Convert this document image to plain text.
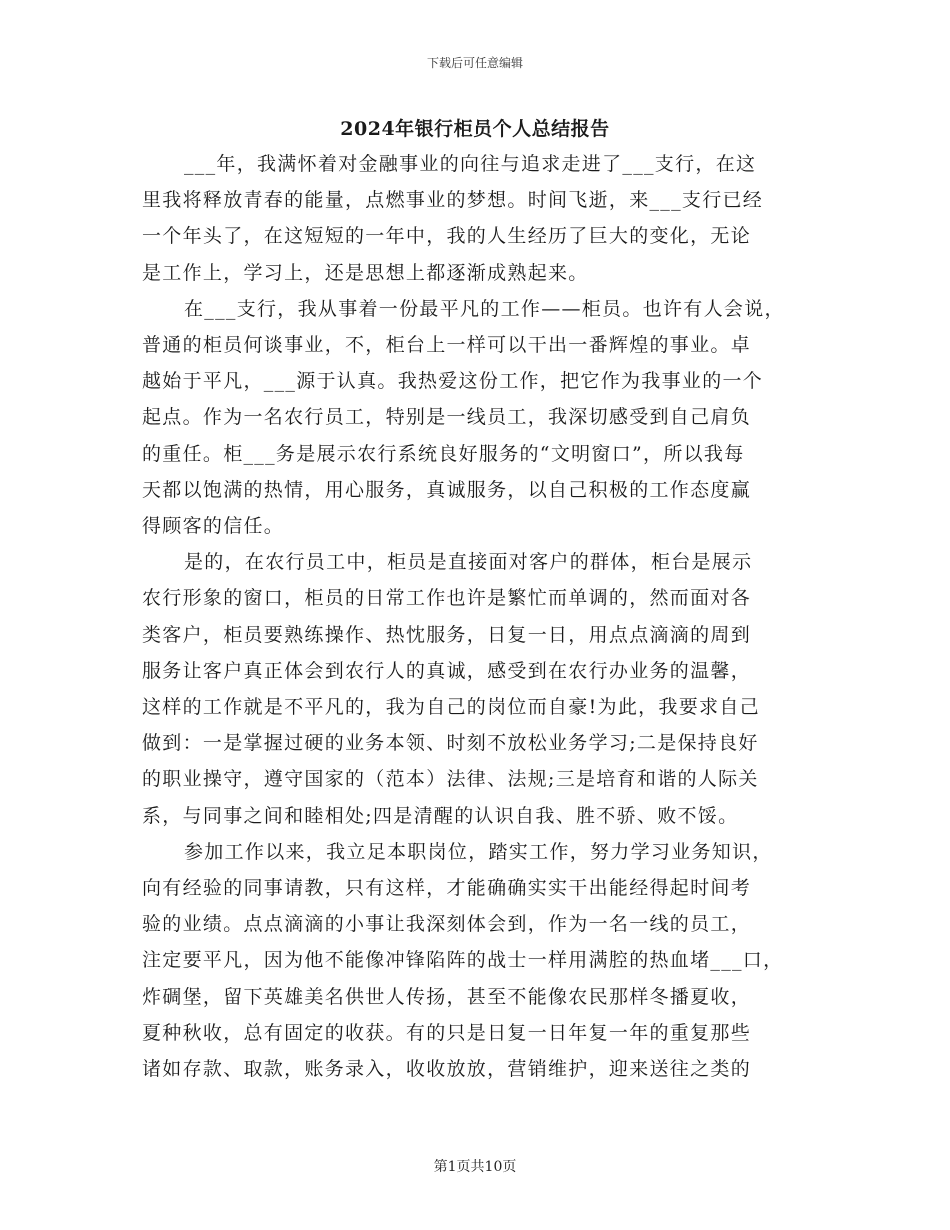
下载后可任意编辑
2024年银行柜员个人总结报告
___年，我满怀着对金融事业的向往与追求走进了___支行，在这
里我将释放青春的能量，点燃事业的梦想。时间飞逝，来___支行已经
一个年头了，在这短短的一年中，我的人生经历了巨大的变化，无论
是工作上，学习上，还是思想上都逐渐成熟起来。
在___支行，我从事着一份最平凡的工作——柜员。也许有人会说，
普通的柜员何谈事业，不，柜台上一样可以干出一番辉煌的事业。卓
越始于平凡，___源于认真。我热爱这份工作，把它作为我事业的一个
起点。作为一名农行员工，特别是一线员工，我深切感受到自己肩负
的重任。柜___务是展示农行系统良好服务的“文明窗口”，所以我每
天都以饱满的热情，用心服务，真诚服务，以自己积极的工作态度赢
得顾客的信任。
是的，在农行员工中，柜员是直接面对客户的群体，柜台是展示
农行形象的窗口，柜员的日常工作也许是繁忙而单调的，然而面对各
类客户，柜员要熟练操作、热忱服务，日复一日，用点点滴滴的周到
服务让客户真正体会到农行人的真诚，感受到在农行办业务的温馨，
这样的工作就是不平凡的，我为自己的岗位而自豪!为此，我要求自己
做到：一是掌握过硬的业务本领、时刻不放松业务学习;二是保持良好
的职业操守，遵守国家的（范本）法律、法规;三是培育和谐的人际关
系，与同事之间和睦相处;四是清醒的认识自我、胜不骄、败不馁。
参加工作以来，我立足本职岗位，踏实工作，努力学习业务知识，
向有经验的同事请教，只有这样，才能确确实实干出能经得起时间考
验的业绩。点点滴滴的小事让我深刻体会到，作为一名一线的员工，
注定要平凡，因为他不能像冲锋陷阵的战士一样用满腔的热血堵___口，
炸碉堡，留下英雄美名供世人传扬，甚至不能像农民那样冬播夏收，
夏种秋收，总有固定的收获。有的只是日复一日年复一年的重复那些
诸如存款、取款，账务录入，收收放放，营销维护，迎来送往之类的
第1页共10页
